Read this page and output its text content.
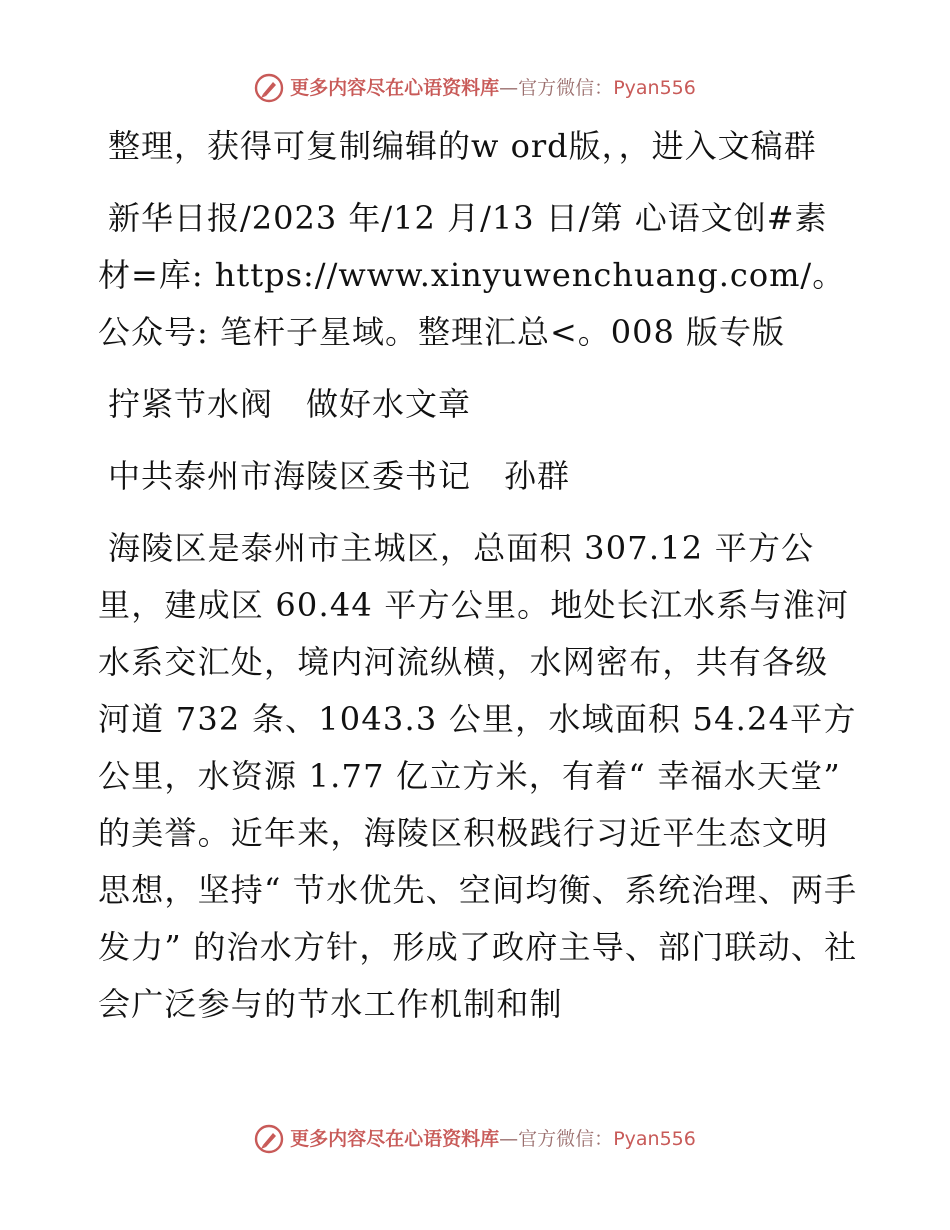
更多内容尽在心语资料库 — 官方微信： Pyan556

整理，获得可复制编辑的w ord版，，进入文稿群

新华日报/2023 年/12 月/13 日/第 心语文创#素材=库: https://www.xinyuwenchuang.com/。公众号: 笔杆子星域。整理汇总<。008 版专版

拧紧节水阀　做好水文章

中共泰州市海陵区委书记　孙群

海陵区是泰州市主城区，总面积 307.12 平方公里，建成区 60.44 平方公里。地处长江水系与淮河水系交汇处，境内河流纵横，水网密布，共有各级河道 732 条、1043.3 公里，水域面积 54.24平方公里，水资源 1.77 亿立方米，有着“ 幸福水天堂” 的美誉。近年来，海陵区积极践行习近平生态文明思想，坚持“ 节水优先、空间均衡、系统治理、两手发力” 的治水方针，形成了政府主导、部门联动、社会广泛参与的节水工作机制和制

更多内容尽在心语资料库 — 官方微信： Pyan556
